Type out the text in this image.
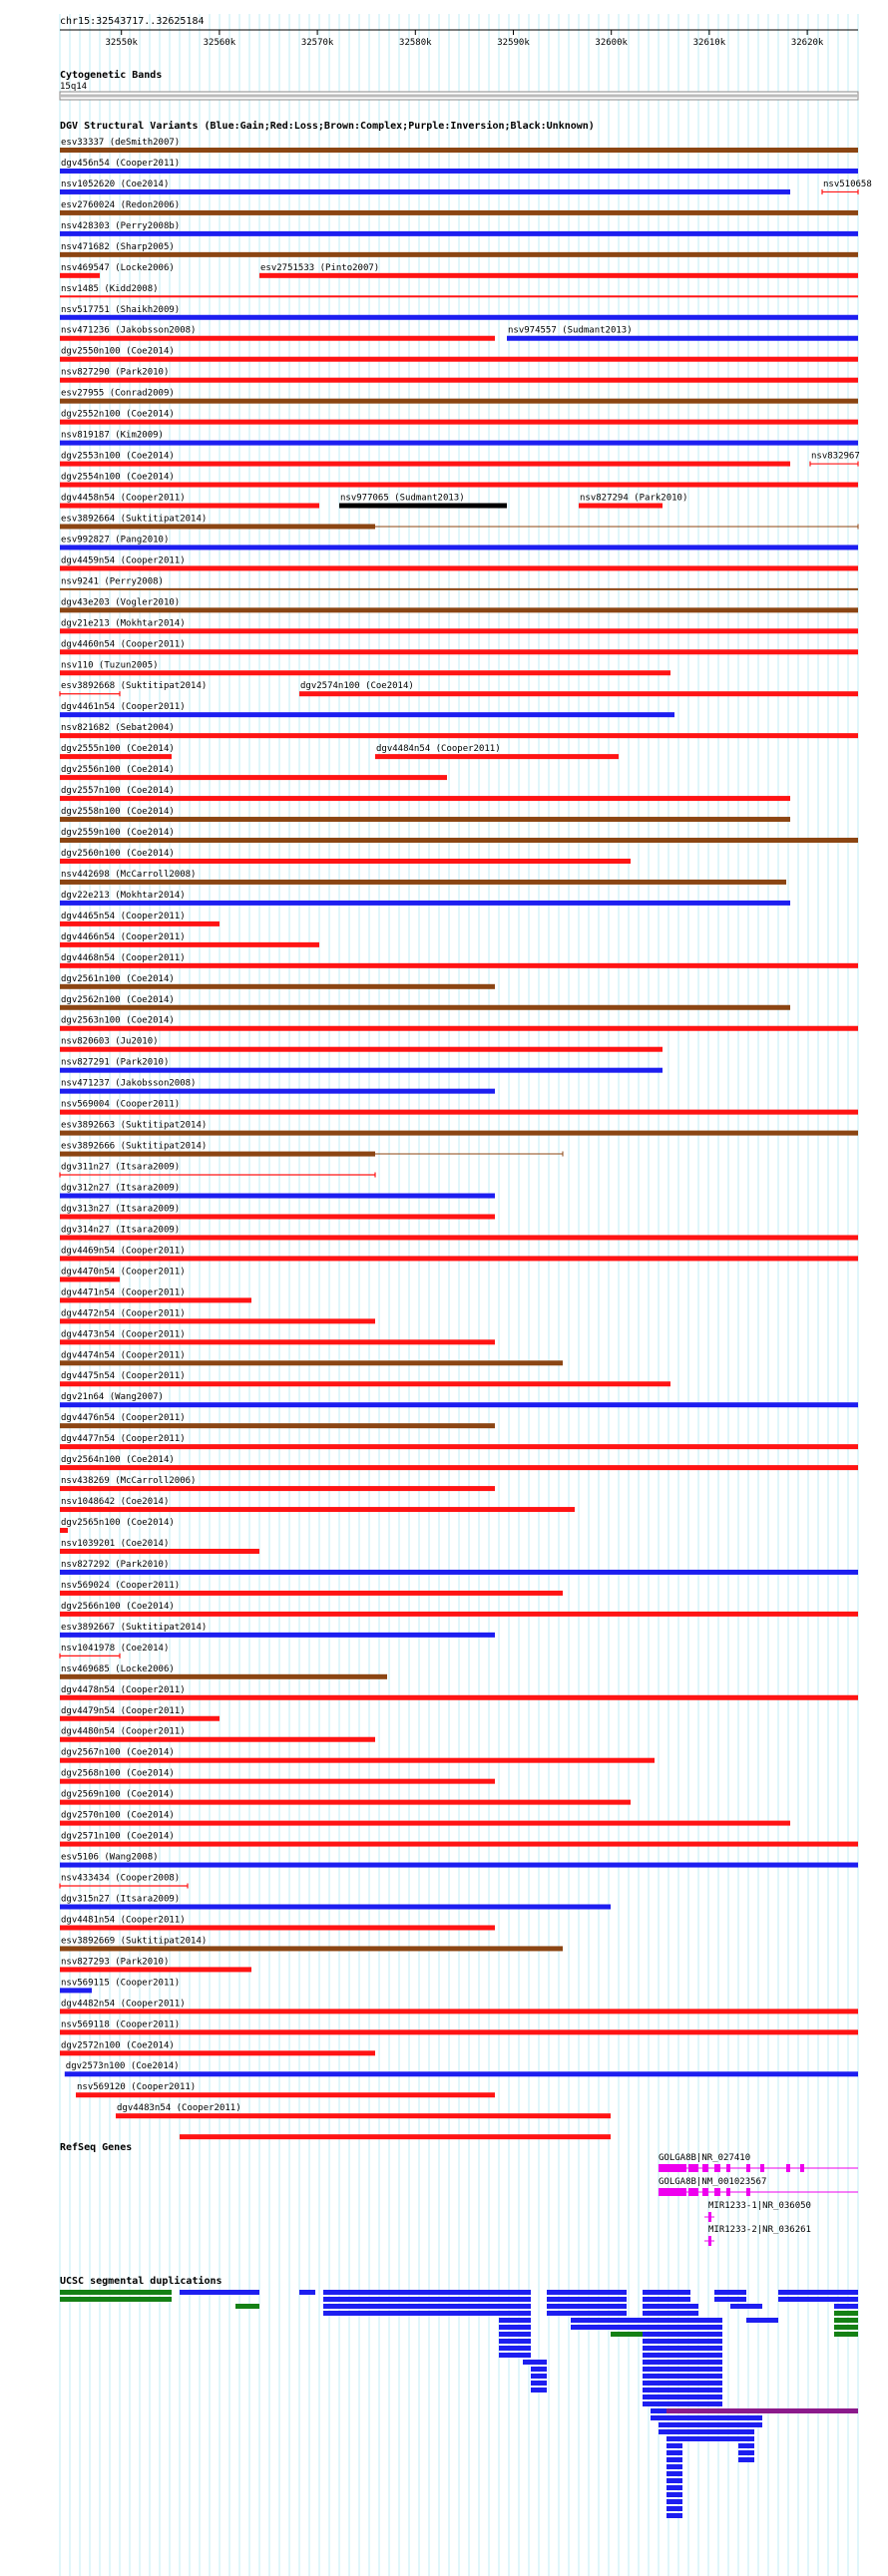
chr15:32543717..32625184
32550k	32560k	32570k	32580k	32590k	32600k	32610k	32620k
Cytogenetic Bands
15q14
DGV Structural Variants (Blue:Gain;Red:Loss;Brown:Complex;Purple:Inversion;Black:Unknown)
esv33337 (deSmith2007)
dgv456n54 (Cooper2011)
nsv1052620 (Coe2014)	nsv510658
esv2760024 (Redon2006)
nsv428303 (Perry2008b)
nsv471682 (Sharp2005)
nsv469547 (Locke2006)	esv2751533 (Pinto2007)
nsv1485 (Kidd2008)
nsv517751 (Shaikh2009)
nsv471236 (Jakobsson2008)	nsv974557 (Sudmant2013)
dgv2550n100 (Coe2014)
nsv827290 (Park2010)
esv27955 (Conrad2009)
dgv2552n100 (Coe2014)
nsv819187 (Kim2009)
dgv2553n100 (Coe2014)	nsv832967
dgv2554n100 (Coe2014)
dgv4458n54 (Cooper2011)	nsv977065 (Sudmant2013)	nsv827294 (Park2010)
esv3892664 (Suktitipat2014)
esv992827 (Pang2010)
dgv4459n54 (Cooper2011)
nsv9241 (Perry2008)
dgv43e203 (Vogler2010)
dgv21e213 (Mokhtar2014)
dgv4460n54 (Cooper2011)
nsv110 (Tuzun2005)
esv3892668 (Suktitipat2014)	dgv2574n100 (Coe2014)
dgv4461n54 (Cooper2011)
nsv821682 (Sebat2004)
dgv2555n100 (Coe2014)	dgv4484n54 (Cooper2011)
dgv2556n100 (Coe2014)
dgv2557n100 (Coe2014)
dgv2558n100 (Coe2014)
dgv2559n100 (Coe2014)
dgv2560n100 (Coe2014)
nsv442698 (McCarroll2008)
dgv22e213 (Mokhtar2014)
dgv4465n54 (Cooper2011)
dgv4466n54 (Cooper2011)
dgv4468n54 (Cooper2011)
dgv2561n100 (Coe2014)
dgv2562n100 (Coe2014)
dgv2563n100 (Coe2014)
nsv820603 (Ju2010)
nsv827291 (Park2010)
nsv471237 (Jakobsson2008)
nsv569004 (Cooper2011)
esv3892663 (Suktitipat2014)
esv3892666 (Suktitipat2014)
dgv311n27 (Itsara2009)
dgv312n27 (Itsara2009)
dgv313n27 (Itsara2009)
dgv314n27 (Itsara2009)
dgv4469n54 (Cooper2011)
dgv4470n54 (Cooper2011)
dgv4471n54 (Cooper2011)
dgv4472n54 (Cooper2011)
dgv4473n54 (Cooper2011)
dgv4474n54 (Cooper2011)
dgv4475n54 (Cooper2011)
dgv21n64 (Wang2007)
dgv4476n54 (Cooper2011)
dgv4477n54 (Cooper2011)
dgv2564n100 (Coe2014)
nsv438269 (McCarroll2006)
nsv1048642 (Coe2014)
dgv2565n100 (Coe2014)
nsv1039201 (Coe2014)
nsv827292 (Park2010)
nsv569024 (Cooper2011)
dgv2566n100 (Coe2014)
esv3892667 (Suktitipat2014)
nsv1041978 (Coe2014)
nsv469685 (Locke2006)
dgv4478n54 (Cooper2011)
dgv4479n54 (Cooper2011)
dgv4480n54 (Cooper2011)
dgv2567n100 (Coe2014)
dgv2568n100 (Coe2014)
dgv2569n100 (Coe2014)
dgv2570n100 (Coe2014)
dgv2571n100 (Coe2014)
esv5106 (Wang2008)
nsv433434 (Cooper2008)
dgv315n27 (Itsara2009)
dgv4481n54 (Cooper2011)
esv3892669 (Suktitipat2014)
nsv827293 (Park2010)
nsv569115 (Cooper2011)
dgv4482n54 (Cooper2011)
nsv569118 (Cooper2011)
dgv2572n100 (Coe2014)
dgv2573n100 (Coe2014)
nsv569120 (Cooper2011)
dgv4483n54 (Cooper2011)
RefSeq Genes
GOLGA8B|NR_027410
GOLGA8B|NM_001023567
MIR1233-1|NR_036050
MIR1233-2|NR_036261
UCSC segmental duplications
